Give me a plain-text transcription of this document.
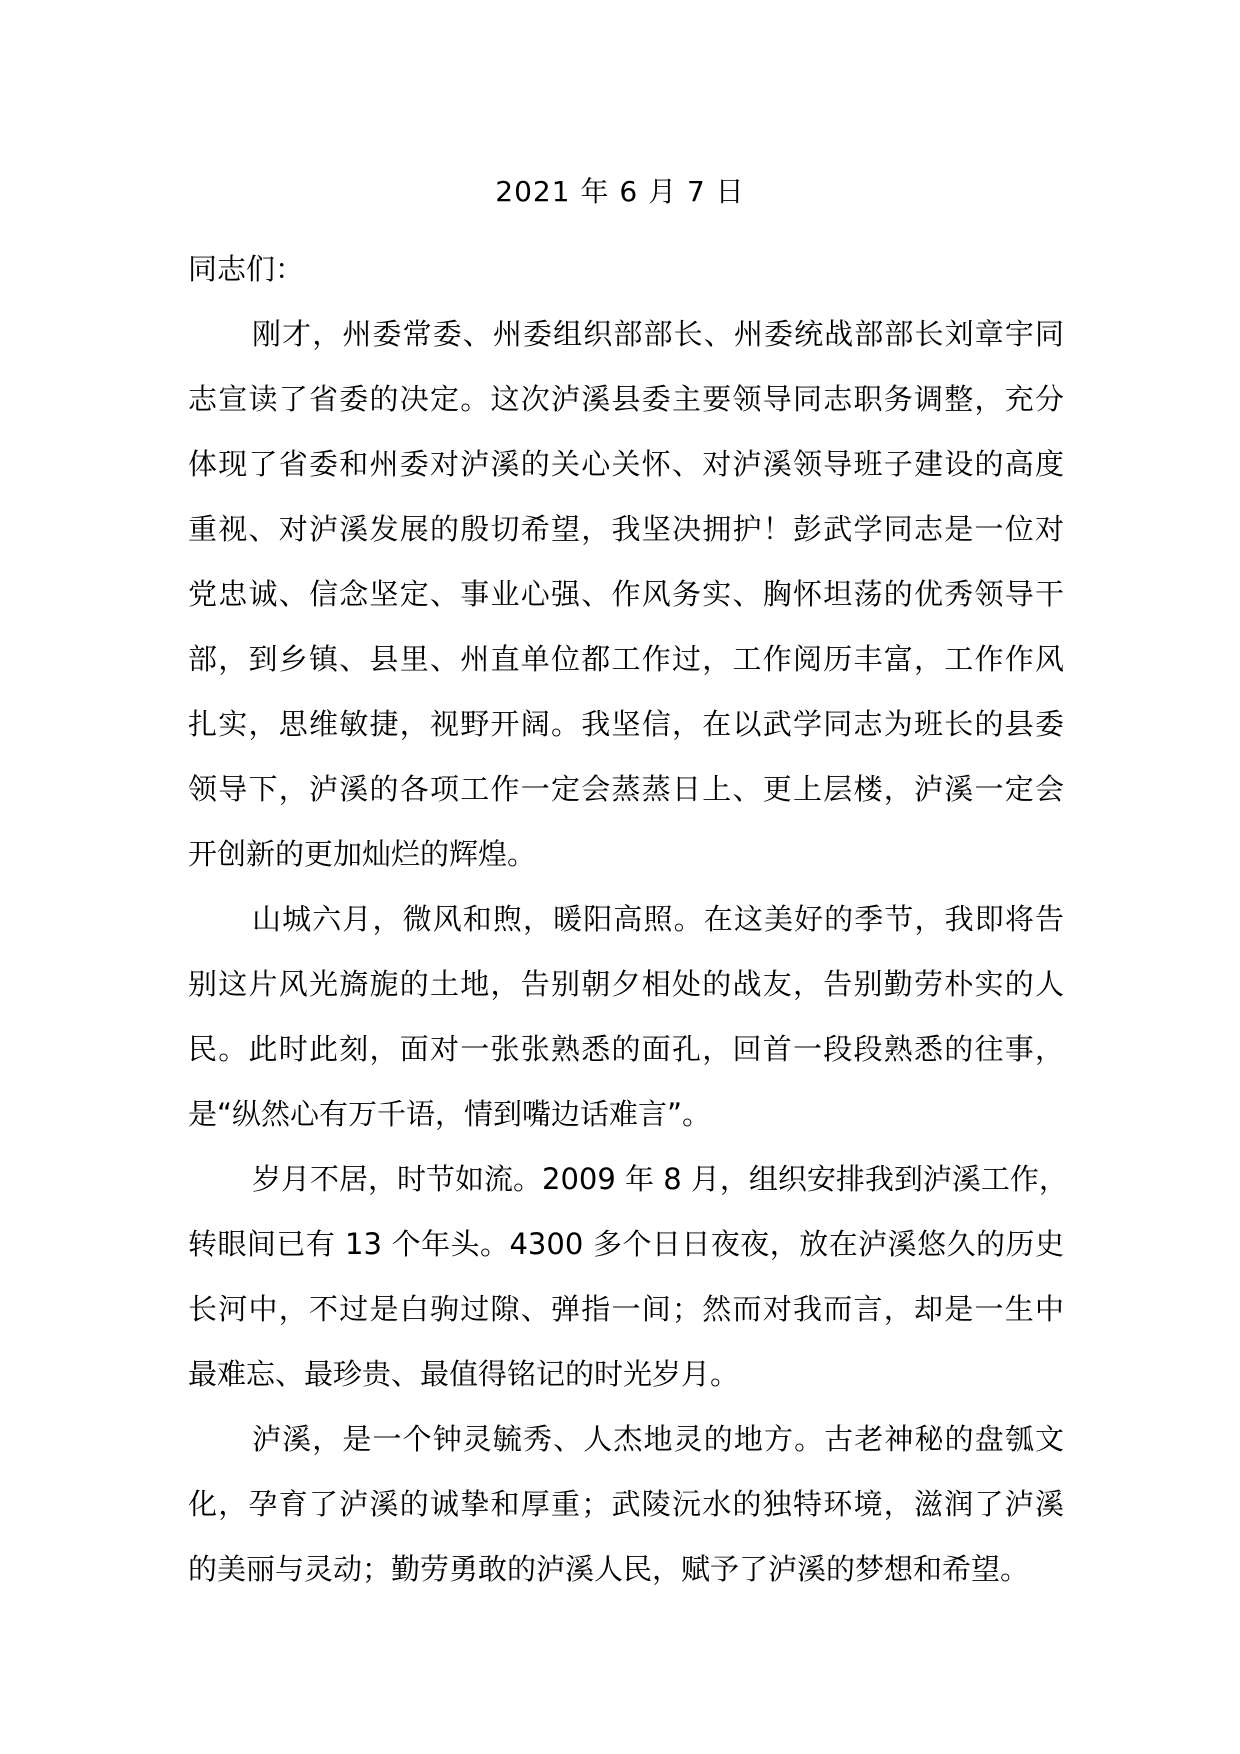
2021 年 6 月 7 日

同志们：

刚才，州委常委、州委组织部部长、州委统战部部长刘章宇同
志宣读了省委的决定。这次泸溪县委主要领导同志职务调整，充分
体现了省委和州委对泸溪的关心关怀、对泸溪领导班子建设的高度
重视、对泸溪发展的殷切希望，我坚决拥护！彭武学同志是一位对
党忠诚、信念坚定、事业心强、作风务实、胸怀坦荡的优秀领导干
部，到乡镇、县里、州直单位都工作过，工作阅历丰富，工作作风
扎实，思维敏捷，视野开阔。我坚信，在以武学同志为班长的县委
领导下，泸溪的各项工作一定会蒸蒸日上、更上层楼，泸溪一定会
开创新的更加灿烂的辉煌。

山城六月，微风和煦，暖阳高照。在这美好的季节，我即将告
别这片风光旖旎的土地，告别朝夕相处的战友，告别勤劳朴实的人
民。此时此刻，面对一张张熟悉的面孔，回首一段段熟悉的往事，
是“纵然心有万千语，情到嘴边话难言”。

岁月不居，时节如流。2009 年 8 月，组织安排我到泸溪工作，
转眼间已有 13 个年头。4300 多个日日夜夜，放在泸溪悠久的历史
长河中，不过是白驹过隙、弹指一间；然而对我而言，却是一生中
最难忘、最珍贵、最值得铭记的时光岁月。

泸溪，是一个钟灵毓秀、人杰地灵的地方。古老神秘的盘瓠文
化，孕育了泸溪的诚挚和厚重；武陵沅水的独特环境，滋润了泸溪
的美丽与灵动；勤劳勇敢的泸溪人民，赋予了泸溪的梦想和希望。
